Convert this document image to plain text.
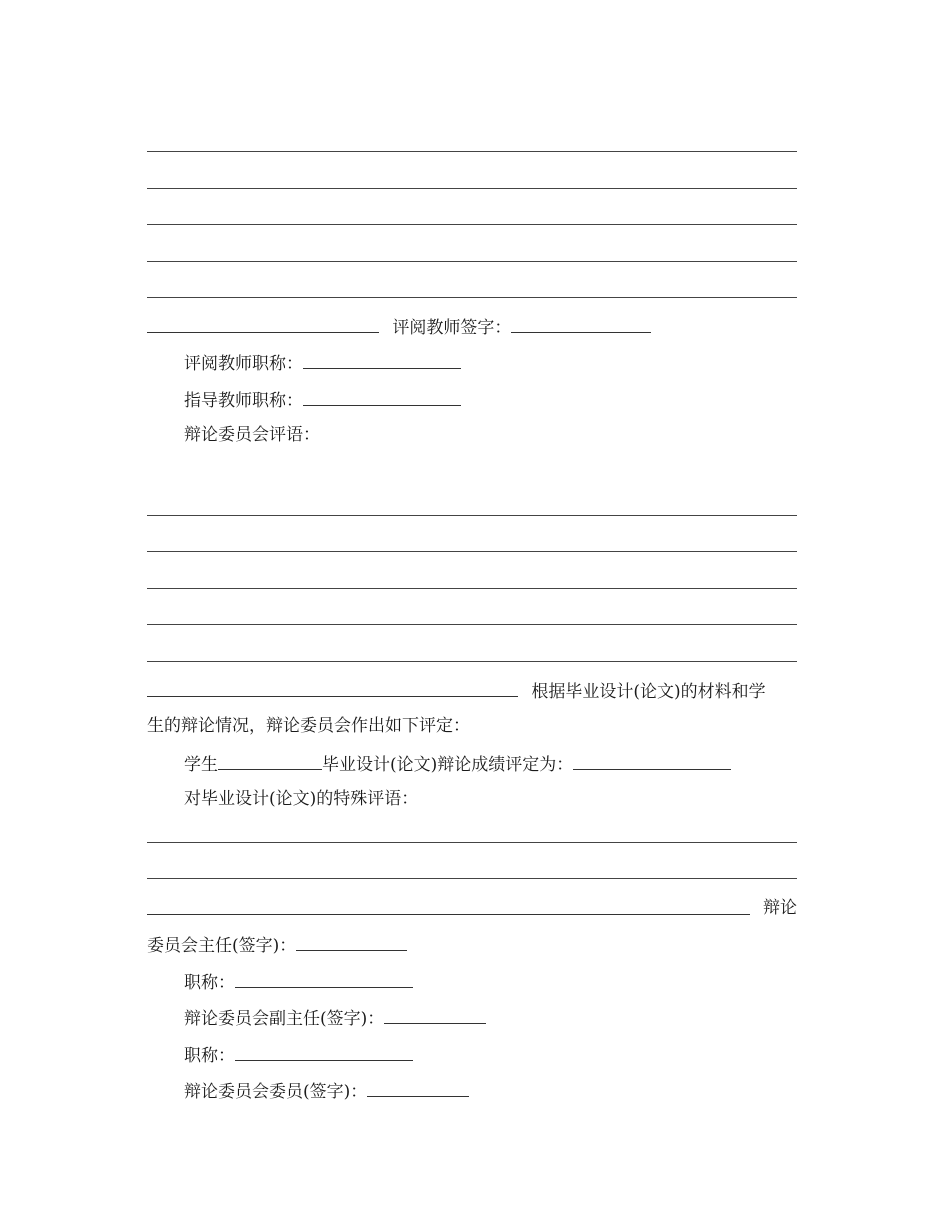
评阅教师签字：
评阅教师职称：
指导教师职称：
辩论委员会评语：
根据毕业设计(论文)的材料和学
生的辩论情况，辩论委员会作出如下评定：
学生	毕业设计(论文)辩论成绩评定为：
对毕业设计(论文)的特殊评语：
辩论
委员会主任(签字)：
职称：
辩论委员会副主任(签字)：
职称：
辩论委员会委员(签字)：
